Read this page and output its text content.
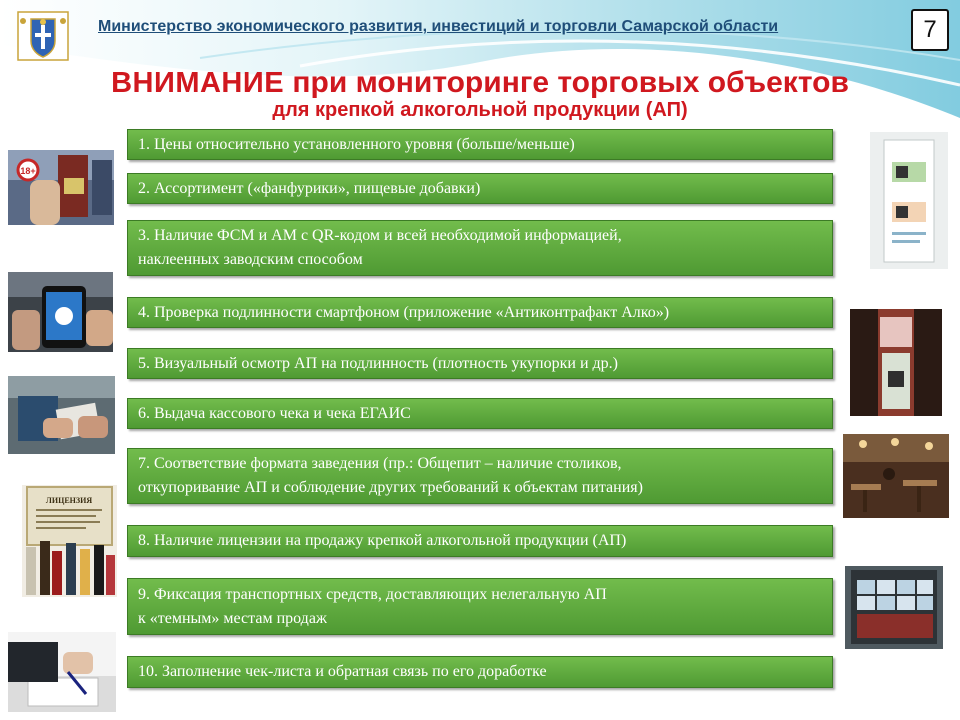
Министерство экономического развития, инвестиций и торговли Самарской области	7
ВНИМАНИЕ при мониторинге торговых объектов
для крепкой алкогольной продукции (АП)
1. Цены относительно установленного уровня (больше/меньше)
2. Ассортимент («фанфурики», пищевые добавки)
3. Наличие ФСМ и АМ с QR-кодом и всей необходимой информацией,
наклеенных заводским способом
4. Проверка подлинности смартфоном (приложение «Антиконтрафакт Алко»)
5. Визуальный осмотр АП на подлинность (плотность укупорки и др.)
6. Выдача кассового чека и чека ЕГАИС
7. Соответствие формата заведения (пр.: Общепит – наличие столиков,
откупоривание АП и соблюдение других требований к объектам питания)
8. Наличие лицензии на продажу крепкой алкогольной продукции (АП)
9. Фиксация транспортных средств, доставляющих нелегальную АП
к «темным» местам продаж
10. Заполнение чек-листа и обратная связь по его доработке
18+
ЛИЦЕНЗИЯ
